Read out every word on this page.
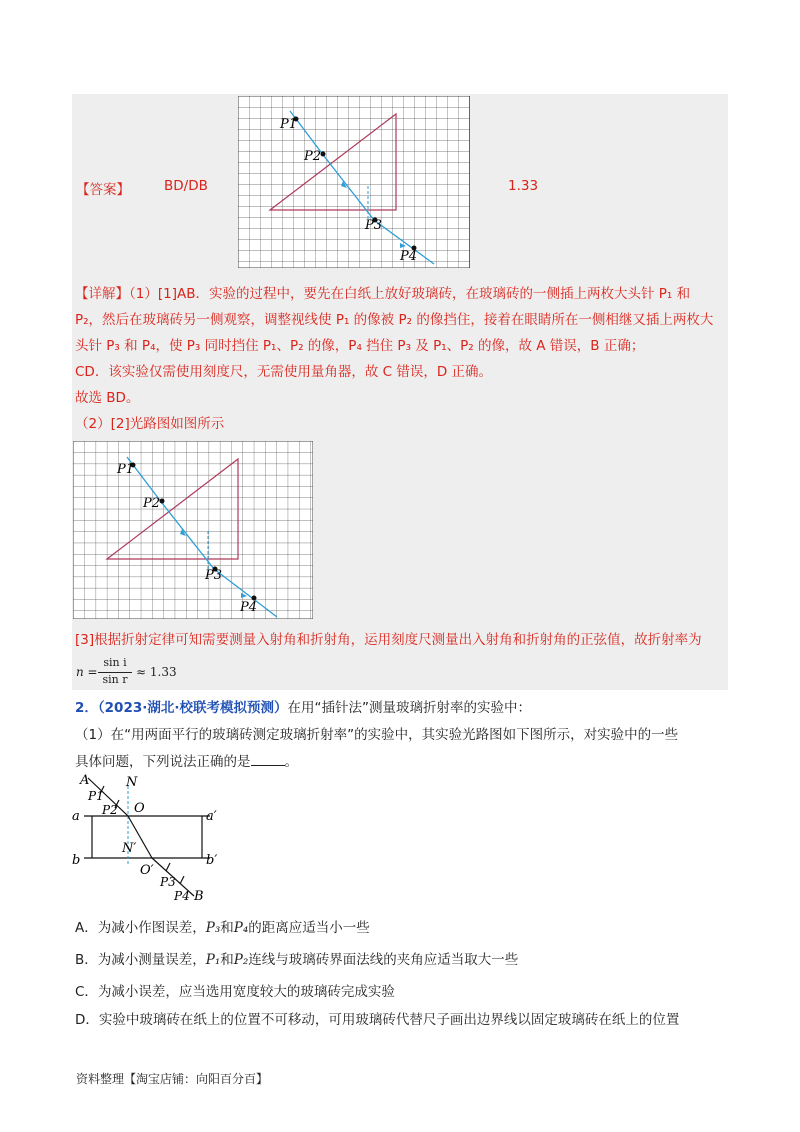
【答案】	BD/DB	1.33
P1
P2
P3
P4
【详解】（1）[1]AB．实验的过程中，要先在白纸上放好玻璃砖，在玻璃砖的一侧插上两枚大头针 P₁ 和
P₂，然后在玻璃砖另一侧观察，调整视线使 P₁ 的像被 P₂ 的像挡住，接着在眼睛所在一侧相继又插上两枚大
头针 P₃ 和 P₄，使 P₃ 同时挡住 P₁、P₂ 的像，P₄ 挡住 P₃ 及 P₁、P₂ 的像，故 A 错误，B 正确；
CD．该实验仅需使用刻度尺，无需使用量角器，故 C 错误，D 正确。
故选 BD。
（2）[2]光路图如图所示
P1
P2
P3
P4
[3]根据折射定律可知需要测量入射角和折射角，运用刻度尺测量出入射角和折射角的正弦值，故折射率为
n =
sin i
sin r
≈ 1.33
2．（2023·湖北·校联考模拟预测）在用“插针法”测量玻璃折射率的实验中：
（1）在“用两面平行的玻璃砖测定玻璃折射率”的实验中，其实验光路图如下图所示，对实验中的一些
具体问题，下列说法正确的是	。
A
P1
P2
N
O
a	a′
N′
b	b′
O′
P3
P4 B
A．为减小作图误差，P₃和P₄的距离应适当小一些
B．为减小测量误差，P₁和P₂连线与玻璃砖界面法线的夹角应适当取大一些
C．为减小误差，应当选用宽度较大的玻璃砖完成实验
D．实验中玻璃砖在纸上的位置不可移动，可用玻璃砖代替尺子画出边界线以固定玻璃砖在纸上的位置
资料整理【淘宝店铺：向阳百分百】
